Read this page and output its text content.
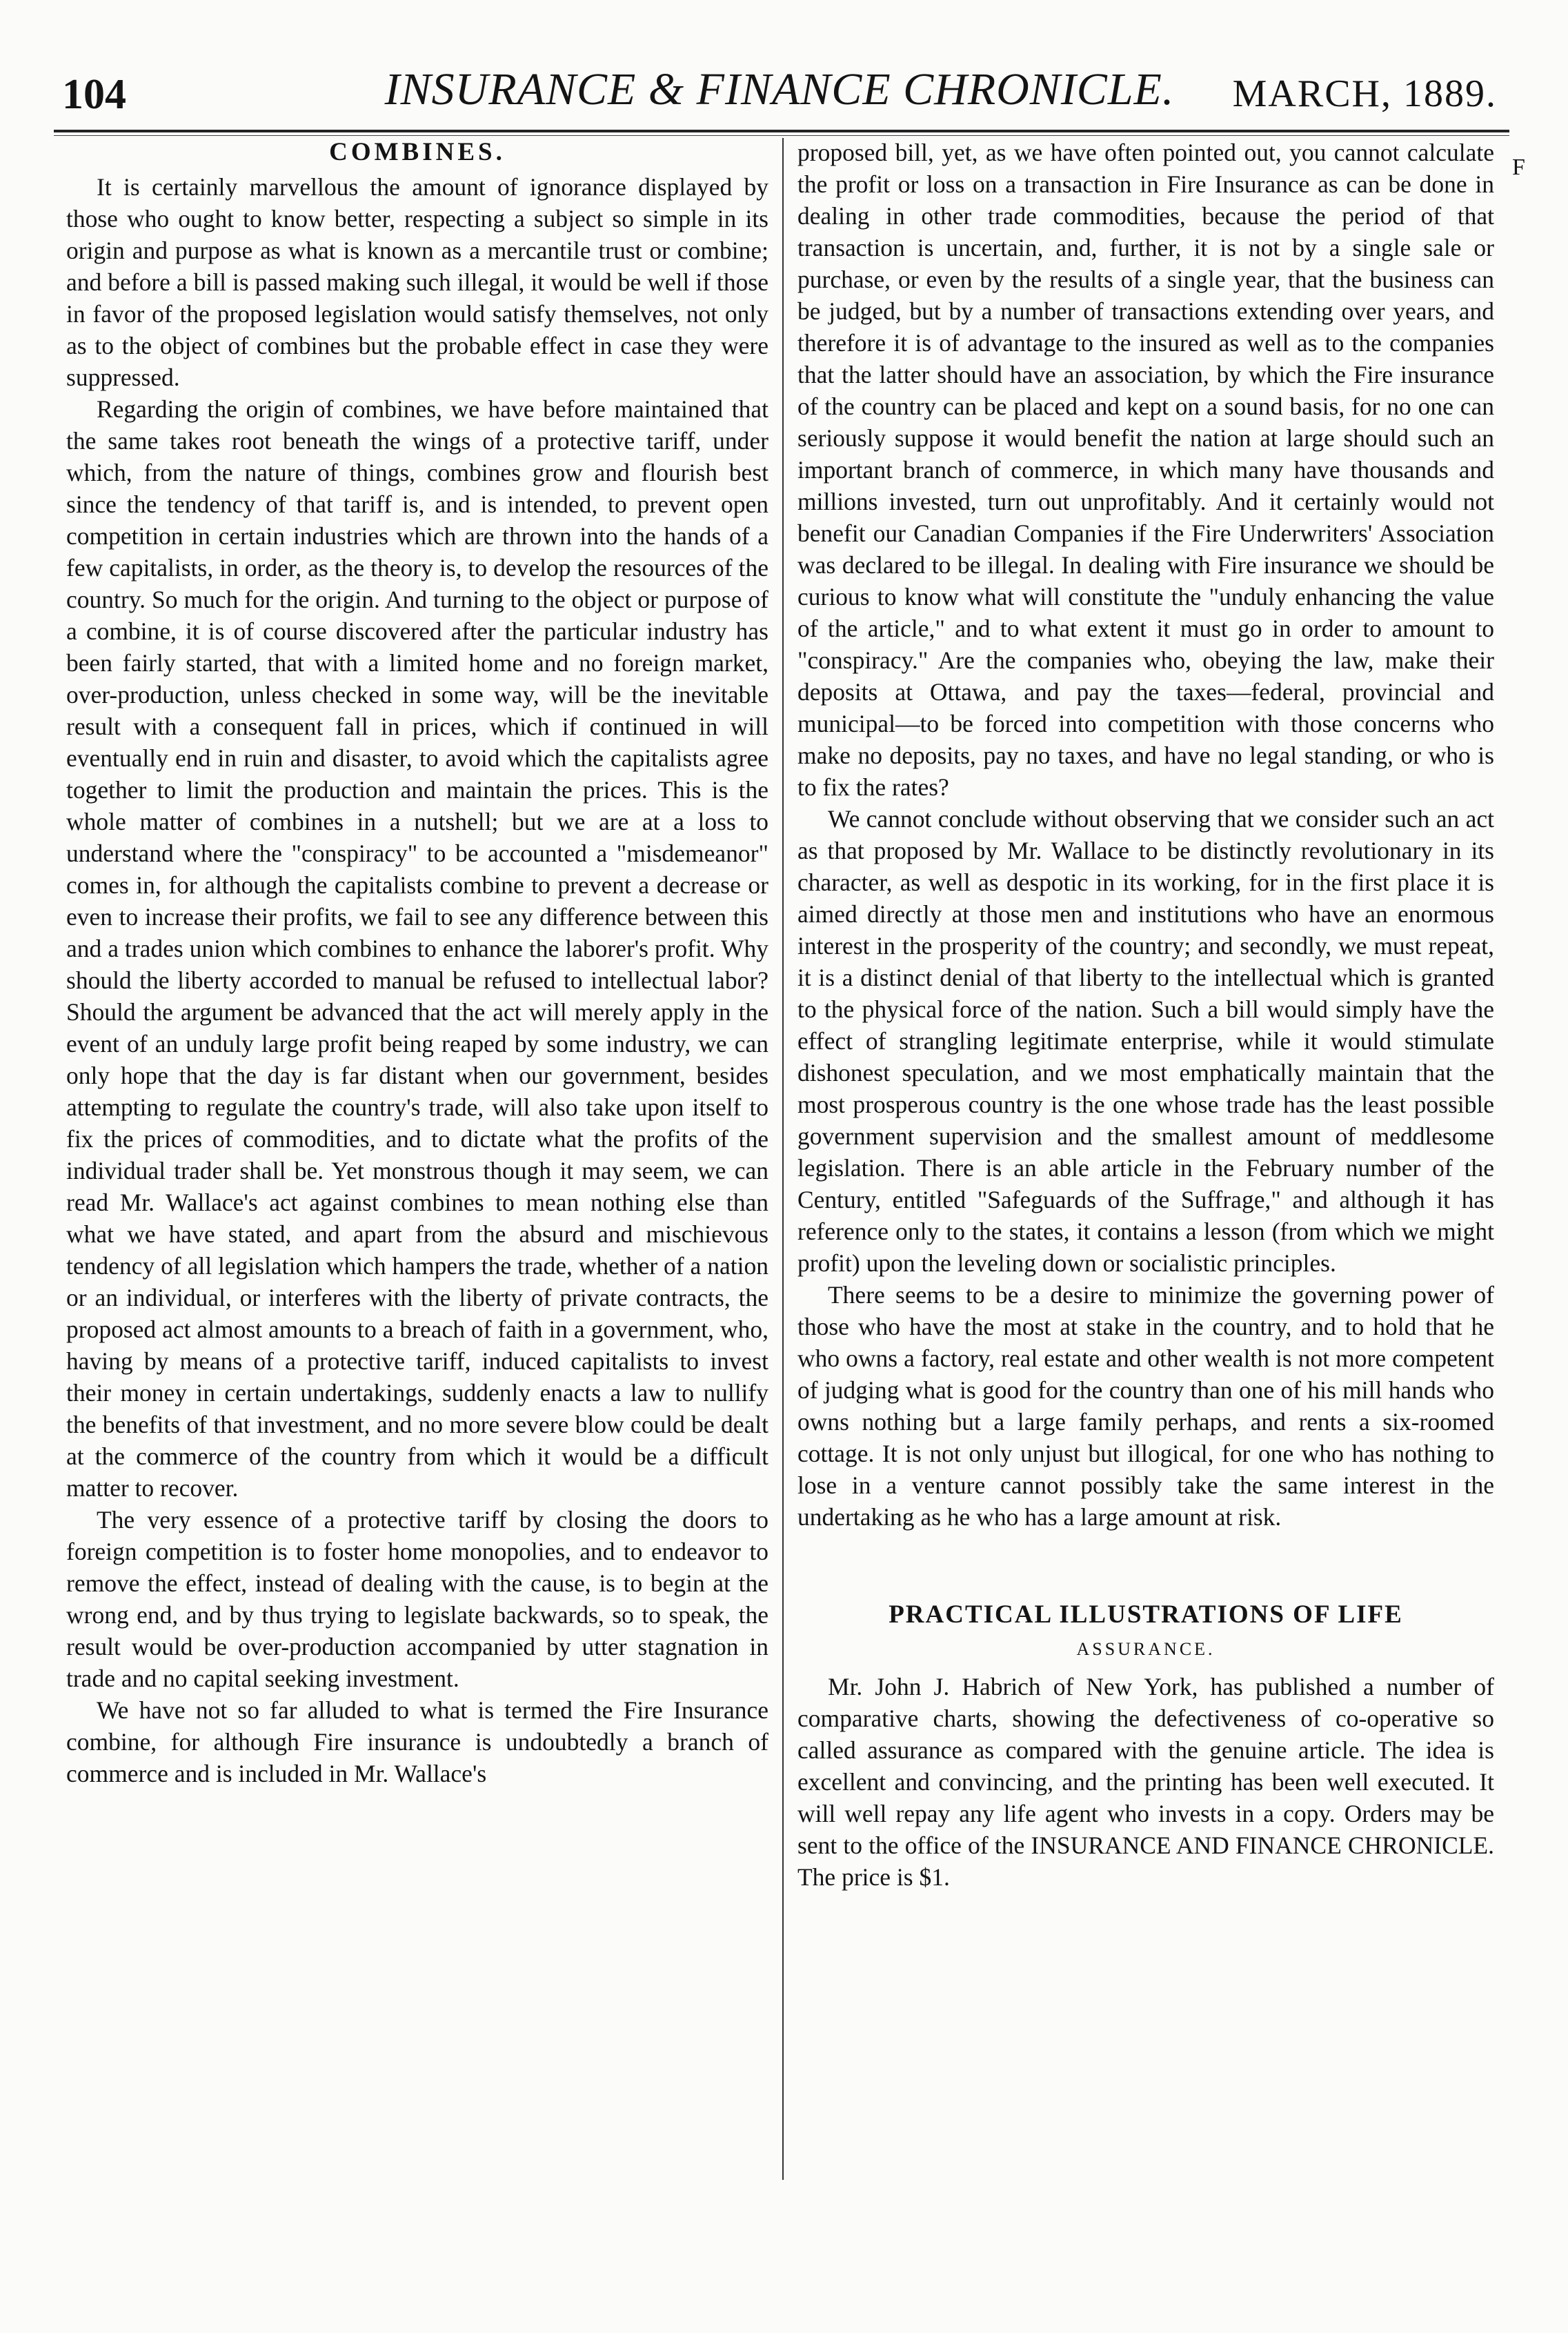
104	INSURANCE & FINANCE CHRONICLE.	MARCH, 1889.
F
COMBINES.

It is certainly marvellous the amount of ignorance displayed by those who ought to know better, respecting a subject so simple in its origin and purpose as what is known as a mercantile trust or combine; and before a bill is passed making such illegal, it would be well if those in favor of the proposed legislation would satisfy themselves, not only as to the object of combines but the probable effect in case they were suppressed.

Regarding the origin of combines, we have before maintained that the same takes root beneath the wings of a protective tariff, under which, from the nature of things, combines grow and flourish best since the tendency of that tariff is, and is intended, to prevent open competition in certain industries which are thrown into the hands of a few capitalists, in order, as the theory is, to develop the resources of the country. So much for the origin. And turning to the object or purpose of a combine, it is of course discovered after the particular industry has been fairly started, that with a limited home and no foreign market, over-production, unless checked in some way, will be the inevitable result with a consequent fall in prices, which if continued in will eventually end in ruin and disaster, to avoid which the capitalists agree together to limit the production and maintain the prices. This is the whole matter of combines in a nutshell; but we are at a loss to understand where the "conspiracy" to be accounted a "misdemeanor" comes in, for although the capitalists combine to prevent a decrease or even to increase their profits, we fail to see any difference between this and a trades union which combines to enhance the laborer's profit. Why should the liberty accorded to manual be refused to intellectual labor? Should the argument be advanced that the act will merely apply in the event of an unduly large profit being reaped by some industry, we can only hope that the day is far distant when our government, besides attempting to regulate the country's trade, will also take upon itself to fix the prices of commodities, and to dictate what the profits of the individual trader shall be. Yet monstrous though it may seem, we can read Mr. Wallace's act against combines to mean nothing else than what we have stated, and apart from the absurd and mischievous tendency of all legislation which hampers the trade, whether of a nation or an individual, or interferes with the liberty of private contracts, the proposed act almost amounts to a breach of faith in a government, who, having by means of a protective tariff, induced capitalists to invest their money in certain undertakings, suddenly enacts a law to nullify the benefits of that investment, and no more severe blow could be dealt at the commerce of the country from which it would be a difficult matter to recover.

The very essence of a protective tariff by closing the doors to foreign competition is to foster home monopolies, and to endeavor to remove the effect, instead of dealing with the cause, is to begin at the wrong end, and by thus trying to legislate backwards, so to speak, the result would be over-production accompanied by utter stagnation in trade and no capital seeking investment.

We have not so far alluded to what is termed the Fire Insurance combine, for although Fire insurance is undoubtedly a branch of commerce and is included in Mr. Wallace's

proposed bill, yet, as we have often pointed out, you cannot calculate the profit or loss on a transaction in Fire Insurance as can be done in dealing in other trade commodities, because the period of that transaction is uncertain, and, further, it is not by a single sale or purchase, or even by the results of a single year, that the business can be judged, but by a number of transactions extending over years, and therefore it is of advantage to the insured as well as to the companies that the latter should have an association, by which the Fire insurance of the country can be placed and kept on a sound basis, for no one can seriously suppose it would benefit the nation at large should such an important branch of commerce, in which many have thousands and millions invested, turn out unprofitably. And it certainly would not benefit our Canadian Companies if the Fire Underwriters' Association was declared to be illegal. In dealing with Fire insurance we should be curious to know what will constitute the "unduly enhancing the value of the article," and to what extent it must go in order to amount to "conspiracy." Are the companies who, obeying the law, make their deposits at Ottawa, and pay the taxes—federal, provincial and municipal—to be forced into competition with those concerns who make no deposits, pay no taxes, and have no legal standing, or who is to fix the rates?

We cannot conclude without observing that we consider such an act as that proposed by Mr. Wallace to be distinctly revolutionary in its character, as well as despotic in its working, for in the first place it is aimed directly at those men and institutions who have an enormous interest in the prosperity of the country; and secondly, we must repeat, it is a distinct denial of that liberty to the intellectual which is granted to the physical force of the nation. Such a bill would simply have the effect of strangling legitimate enterprise, while it would stimulate dishonest speculation, and we most emphatically maintain that the most prosperous country is the one whose trade has the least possible government supervision and the smallest amount of meddlesome legislation. There is an able article in the February number of the Century, entitled "Safeguards of the Suffrage," and although it has reference only to the states, it contains a lesson (from which we might profit) upon the leveling down or socialistic principles.

There seems to be a desire to minimize the governing power of those who have the most at stake in the country, and to hold that he who owns a factory, real estate and other wealth is not more competent of judging what is good for the country than one of his mill hands who owns nothing but a large family perhaps, and rents a six-roomed cottage. It is not only unjust but illogical, for one who has nothing to lose in a venture cannot possibly take the same interest in the undertaking as he who has a large amount at risk.

PRACTICAL ILLUSTRATIONS OF LIFE
ASSURANCE.

Mr. John J. Habrich of New York, has published a number of comparative charts, showing the defectiveness of co-operative so called assurance as compared with the genuine article. The idea is excellent and convincing, and the printing has been well executed. It will well repay any life agent who invests in a copy. Orders may be sent to the office of the INSURANCE AND FINANCE CHRONICLE. The price is $1.
